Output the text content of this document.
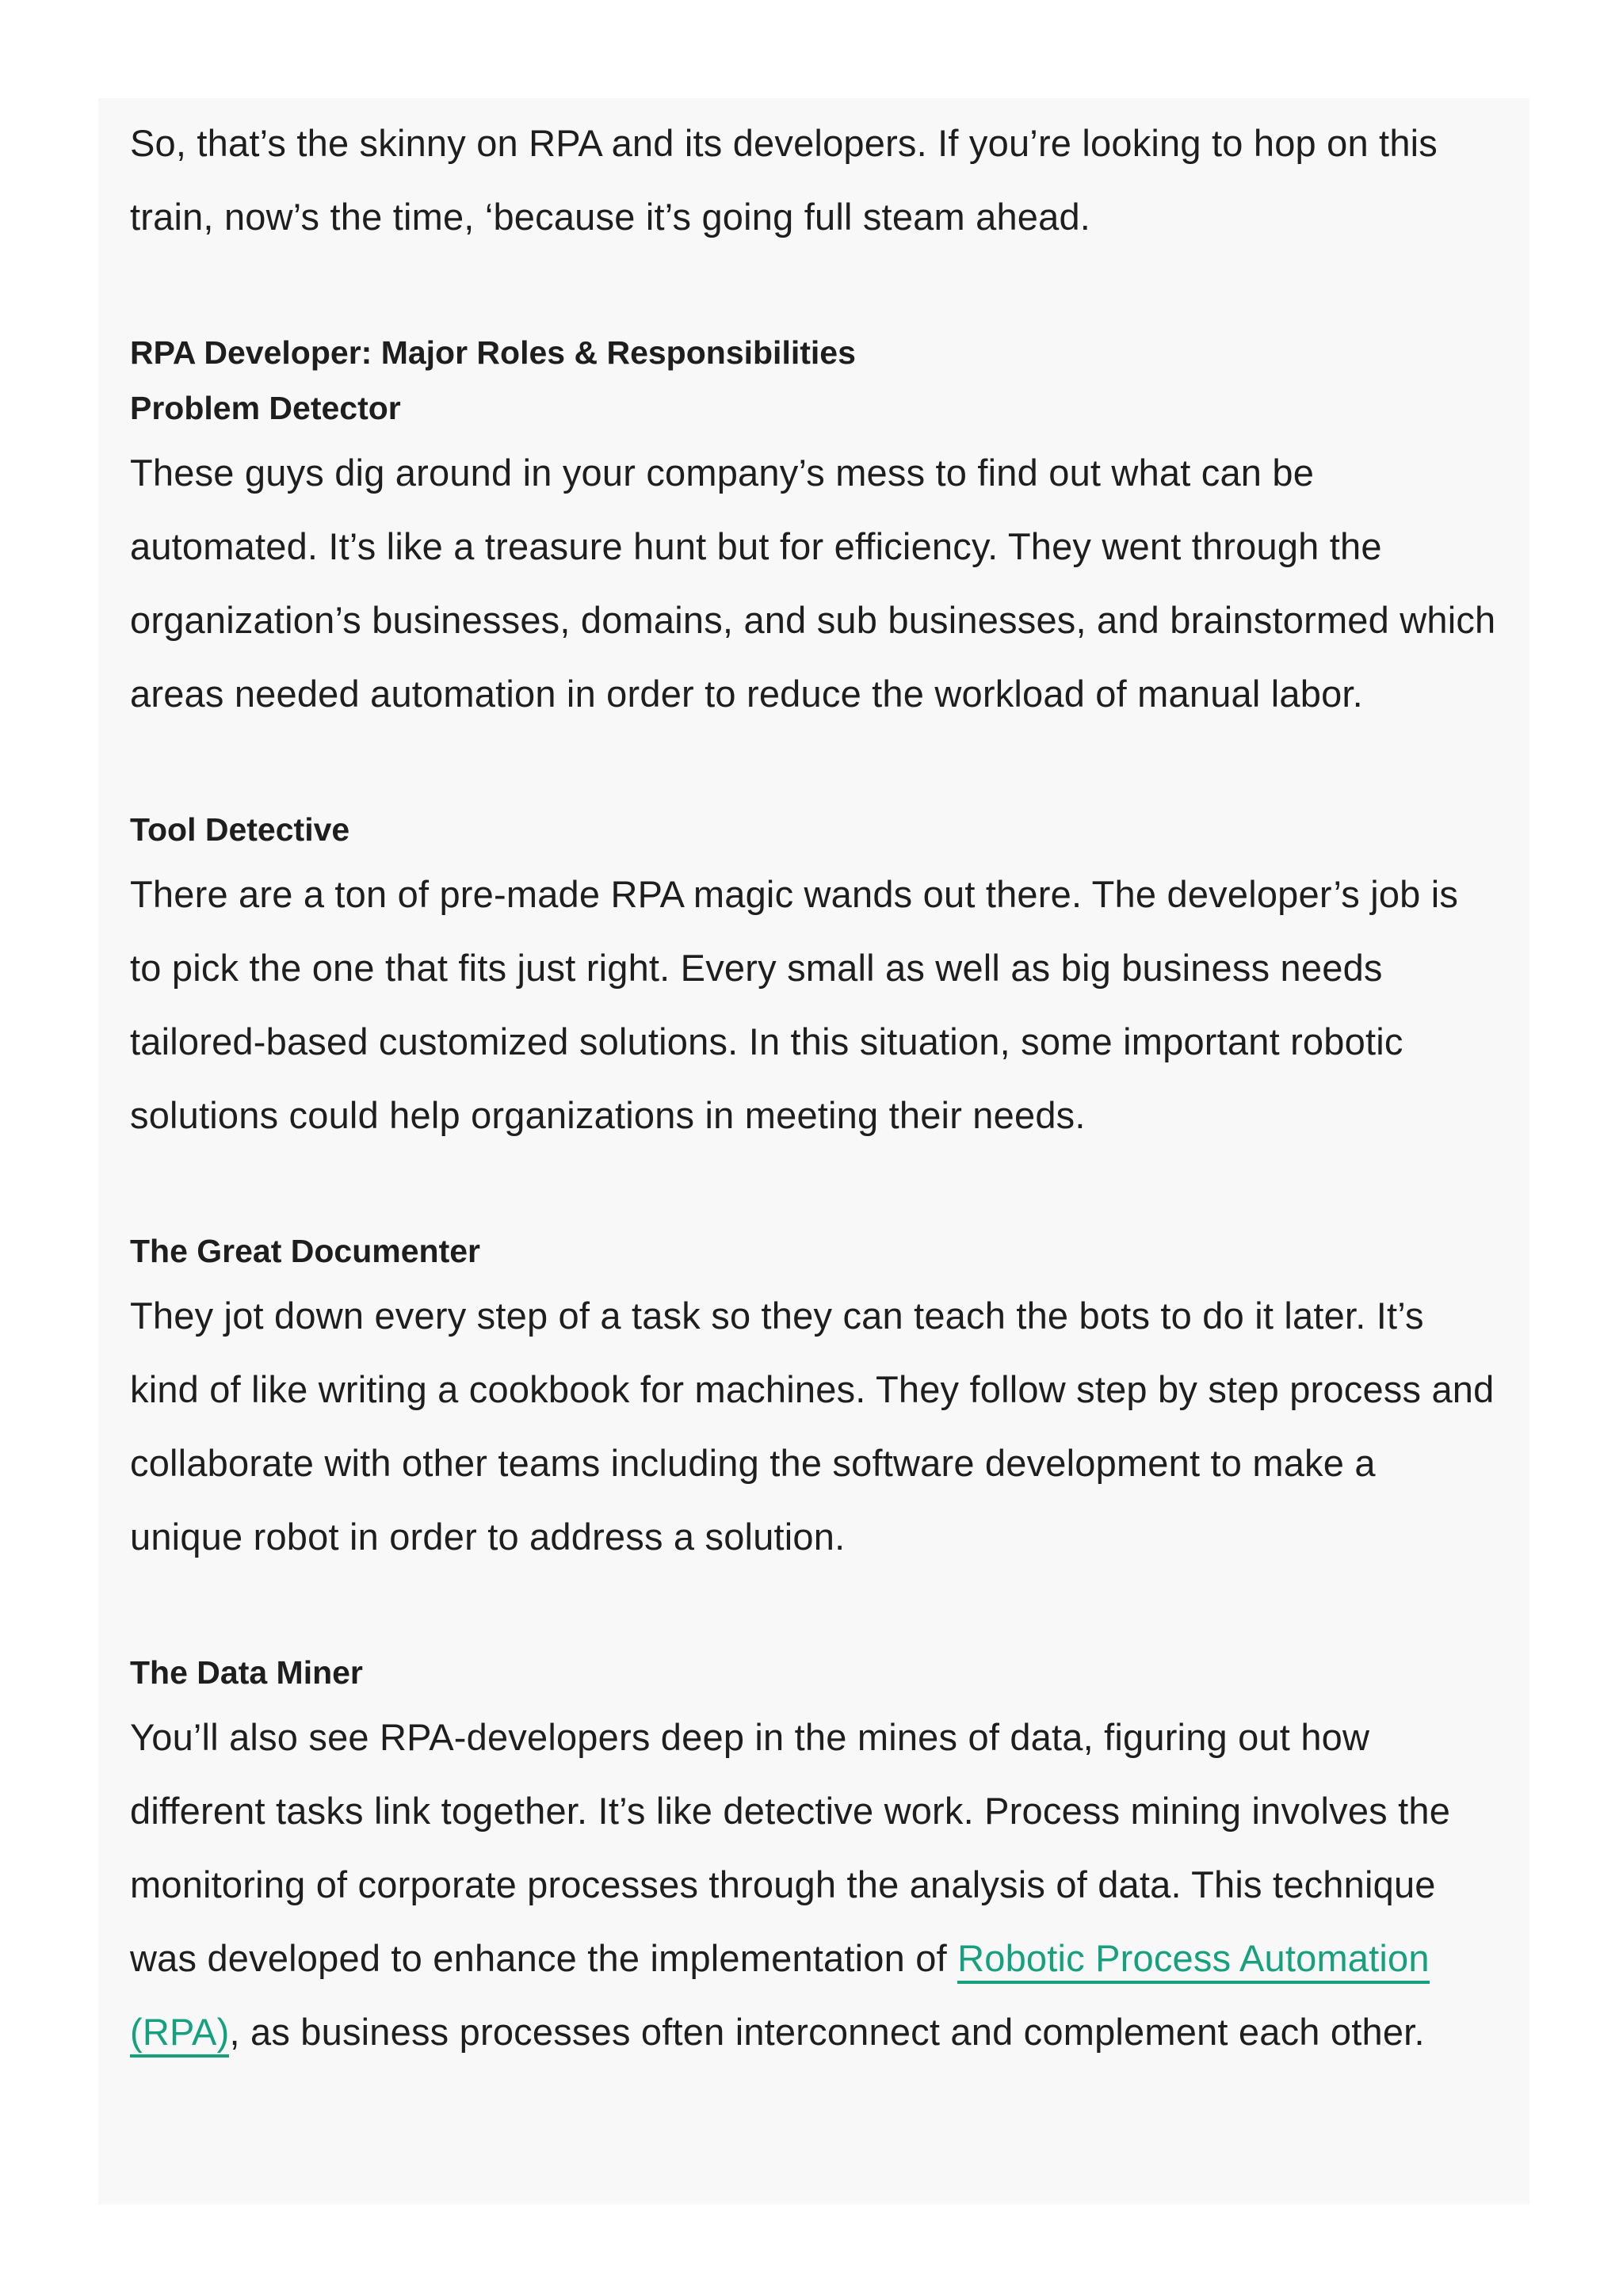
So, that’s the skinny on RPA and its developers. If you’re looking to hop on this train, now’s the time, ‘because it’s going full steam ahead.

RPA Developer: Major Roles & Responsibilities

Problem Detector

These guys dig around in your company’s mess to find out what can be automated. It’s like a treasure hunt but for efficiency. They went through the organization’s businesses, domains, and sub businesses, and brainstormed which areas needed automation in order to reduce the workload of manual labor.

Tool Detective

There are a ton of pre-made RPA magic wands out there. The developer’s job is to pick the one that fits just right. Every small as well as big business needs tailored-based customized solutions. In this situation, some important robotic solutions could help organizations in meeting their needs.

The Great Documenter

They jot down every step of a task so they can teach the bots to do it later. It’s kind of like writing a cookbook for machines. They follow step by step process and collaborate with other teams including the software development to make a unique robot in order to address a solution.

The Data Miner

You’ll also see RPA-developers deep in the mines of data, figuring out how different tasks link together. It’s like detective work. Process mining involves the monitoring of corporate processes through the analysis of data. This technique was developed to enhance the implementation of Robotic Process Automation (RPA), as business processes often interconnect and complement each other.
